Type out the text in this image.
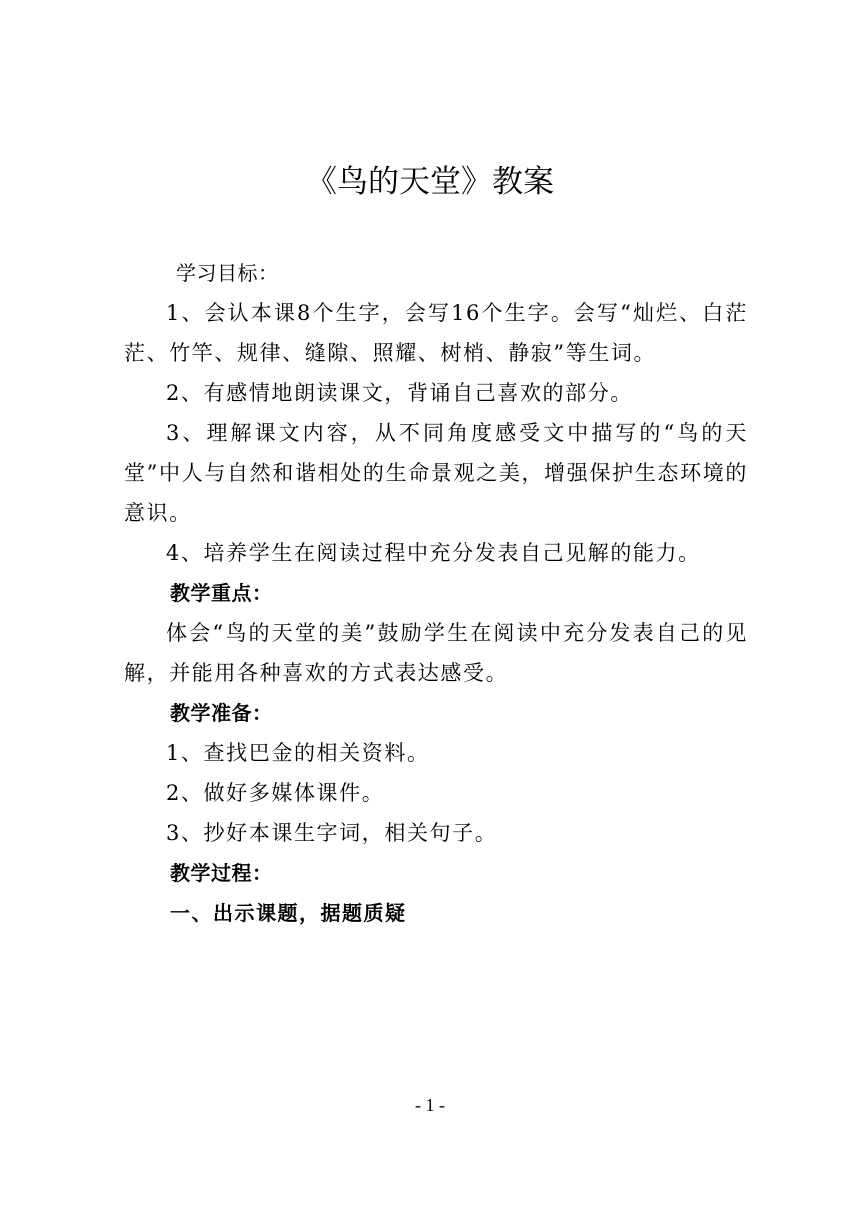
《鸟的天堂》教案

学习目标：

1、会认本课8个生字，会写16个生字。会写“灿烂、白茫茫、竹竿、规律、缝隙、照耀、树梢、静寂”等生词。

2、有感情地朗读课文，背诵自己喜欢的部分。

3、理解课文内容，从不同角度感受文中描写的“鸟的天堂”中人与自然和谐相处的生命景观之美，增强保护生态环境的意识。

4、培养学生在阅读过程中充分发表自己见解的能力。

教学重点：

体会“鸟的天堂的美”鼓励学生在阅读中充分发表自己的见解，并能用各种喜欢的方式表达感受。

教学准备：

1、查找巴金的相关资料。

2、做好多媒体课件。

3、抄好本课生字词，相关句子。

教学过程：

一、出示课题，据题质疑

- 1 -
